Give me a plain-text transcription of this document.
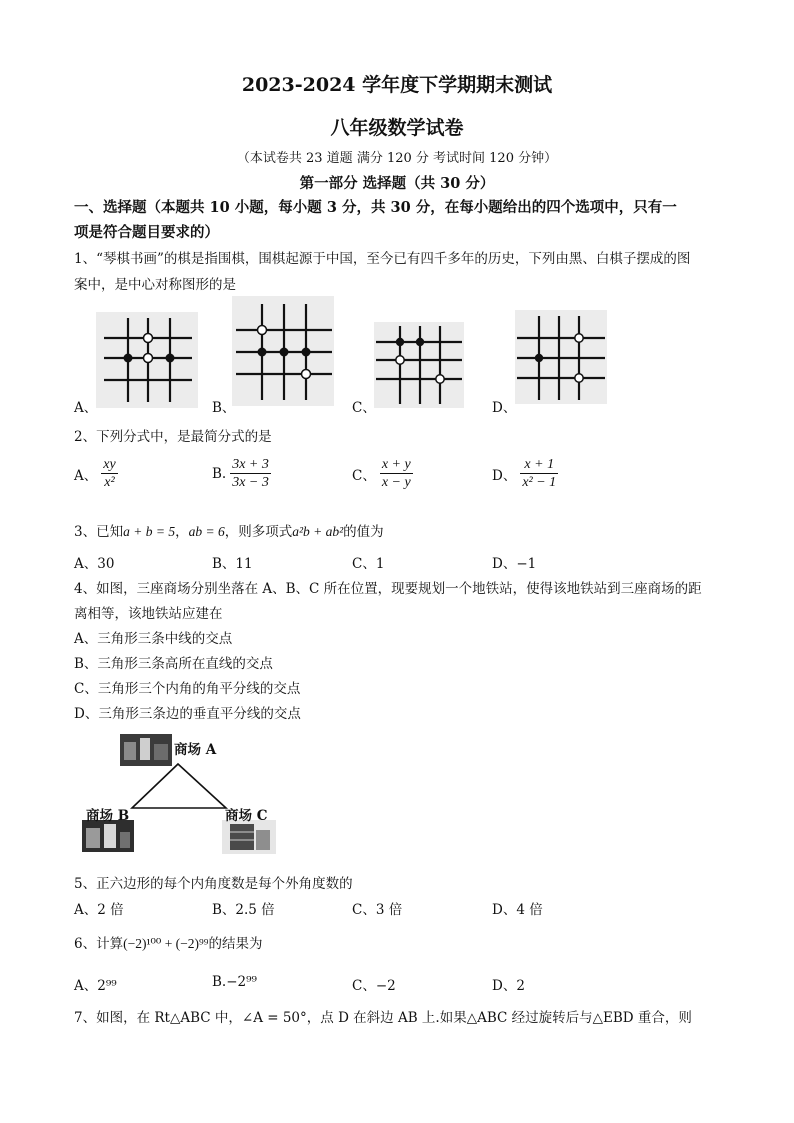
2023-2024 学年度下学期期末测试
八年级数学试卷
（本试卷共 23 道题 满分 120 分 考试时间 120 分钟）
第一部分 选择题（共 30 分）
一、选择题（本题共 10 小题，每小题 3 分，共 30 分，在每小题给出的四个选项中，只有一
项是符合题目要求的）
1、“琴棋书画”的棋是指围棋，围棋起源于中国，至今已有四千多年的历史，下列由黑、白棋子摆成的图
案中，是中心对称图形的是
A、	B、	C、	D、
2、下列分式中，是最简分式的是
A、 $\frac{xy}{\text{x²}}$	B. $\frac{3x + 3}{3x - 3}$	C、 $\frac{x + y}{x - y}$	D、 $\frac{x + 1}{\text{x² − 1}}$
3、已知a + b = 5，ab = 6，则多项式a²b + ab²的值为
A、30	B、11	C、1	D、−1
4、如图，三座商场分别坐落在 A、B、C 所在位置，现要规划一个地铁站，使得该地铁站到三座商场的距
离相等，该地铁站应建在
A、三角形三条中线的交点
B、三角形三条高所在直线的交点
C、三角形三个内角的角平分线的交点
D、三角形三条边的垂直平分线的交点
商场 A
商场 B	商场 C
5、正六边形的每个内角度数是每个外角度数的
A、2 倍	B、2.5 倍	C、3 倍	D、4 倍
6、计算(−2)¹⁰⁰ + (−2)⁹⁹的结果为
A、2⁹⁹	B.−2⁹⁹	C、−2	D、2
7、如图，在 Rt△ABC 中，∠A = 50°，点 D 在斜边 AB 上.如果△ABC 经过旋转后与△EBD 重合，则
